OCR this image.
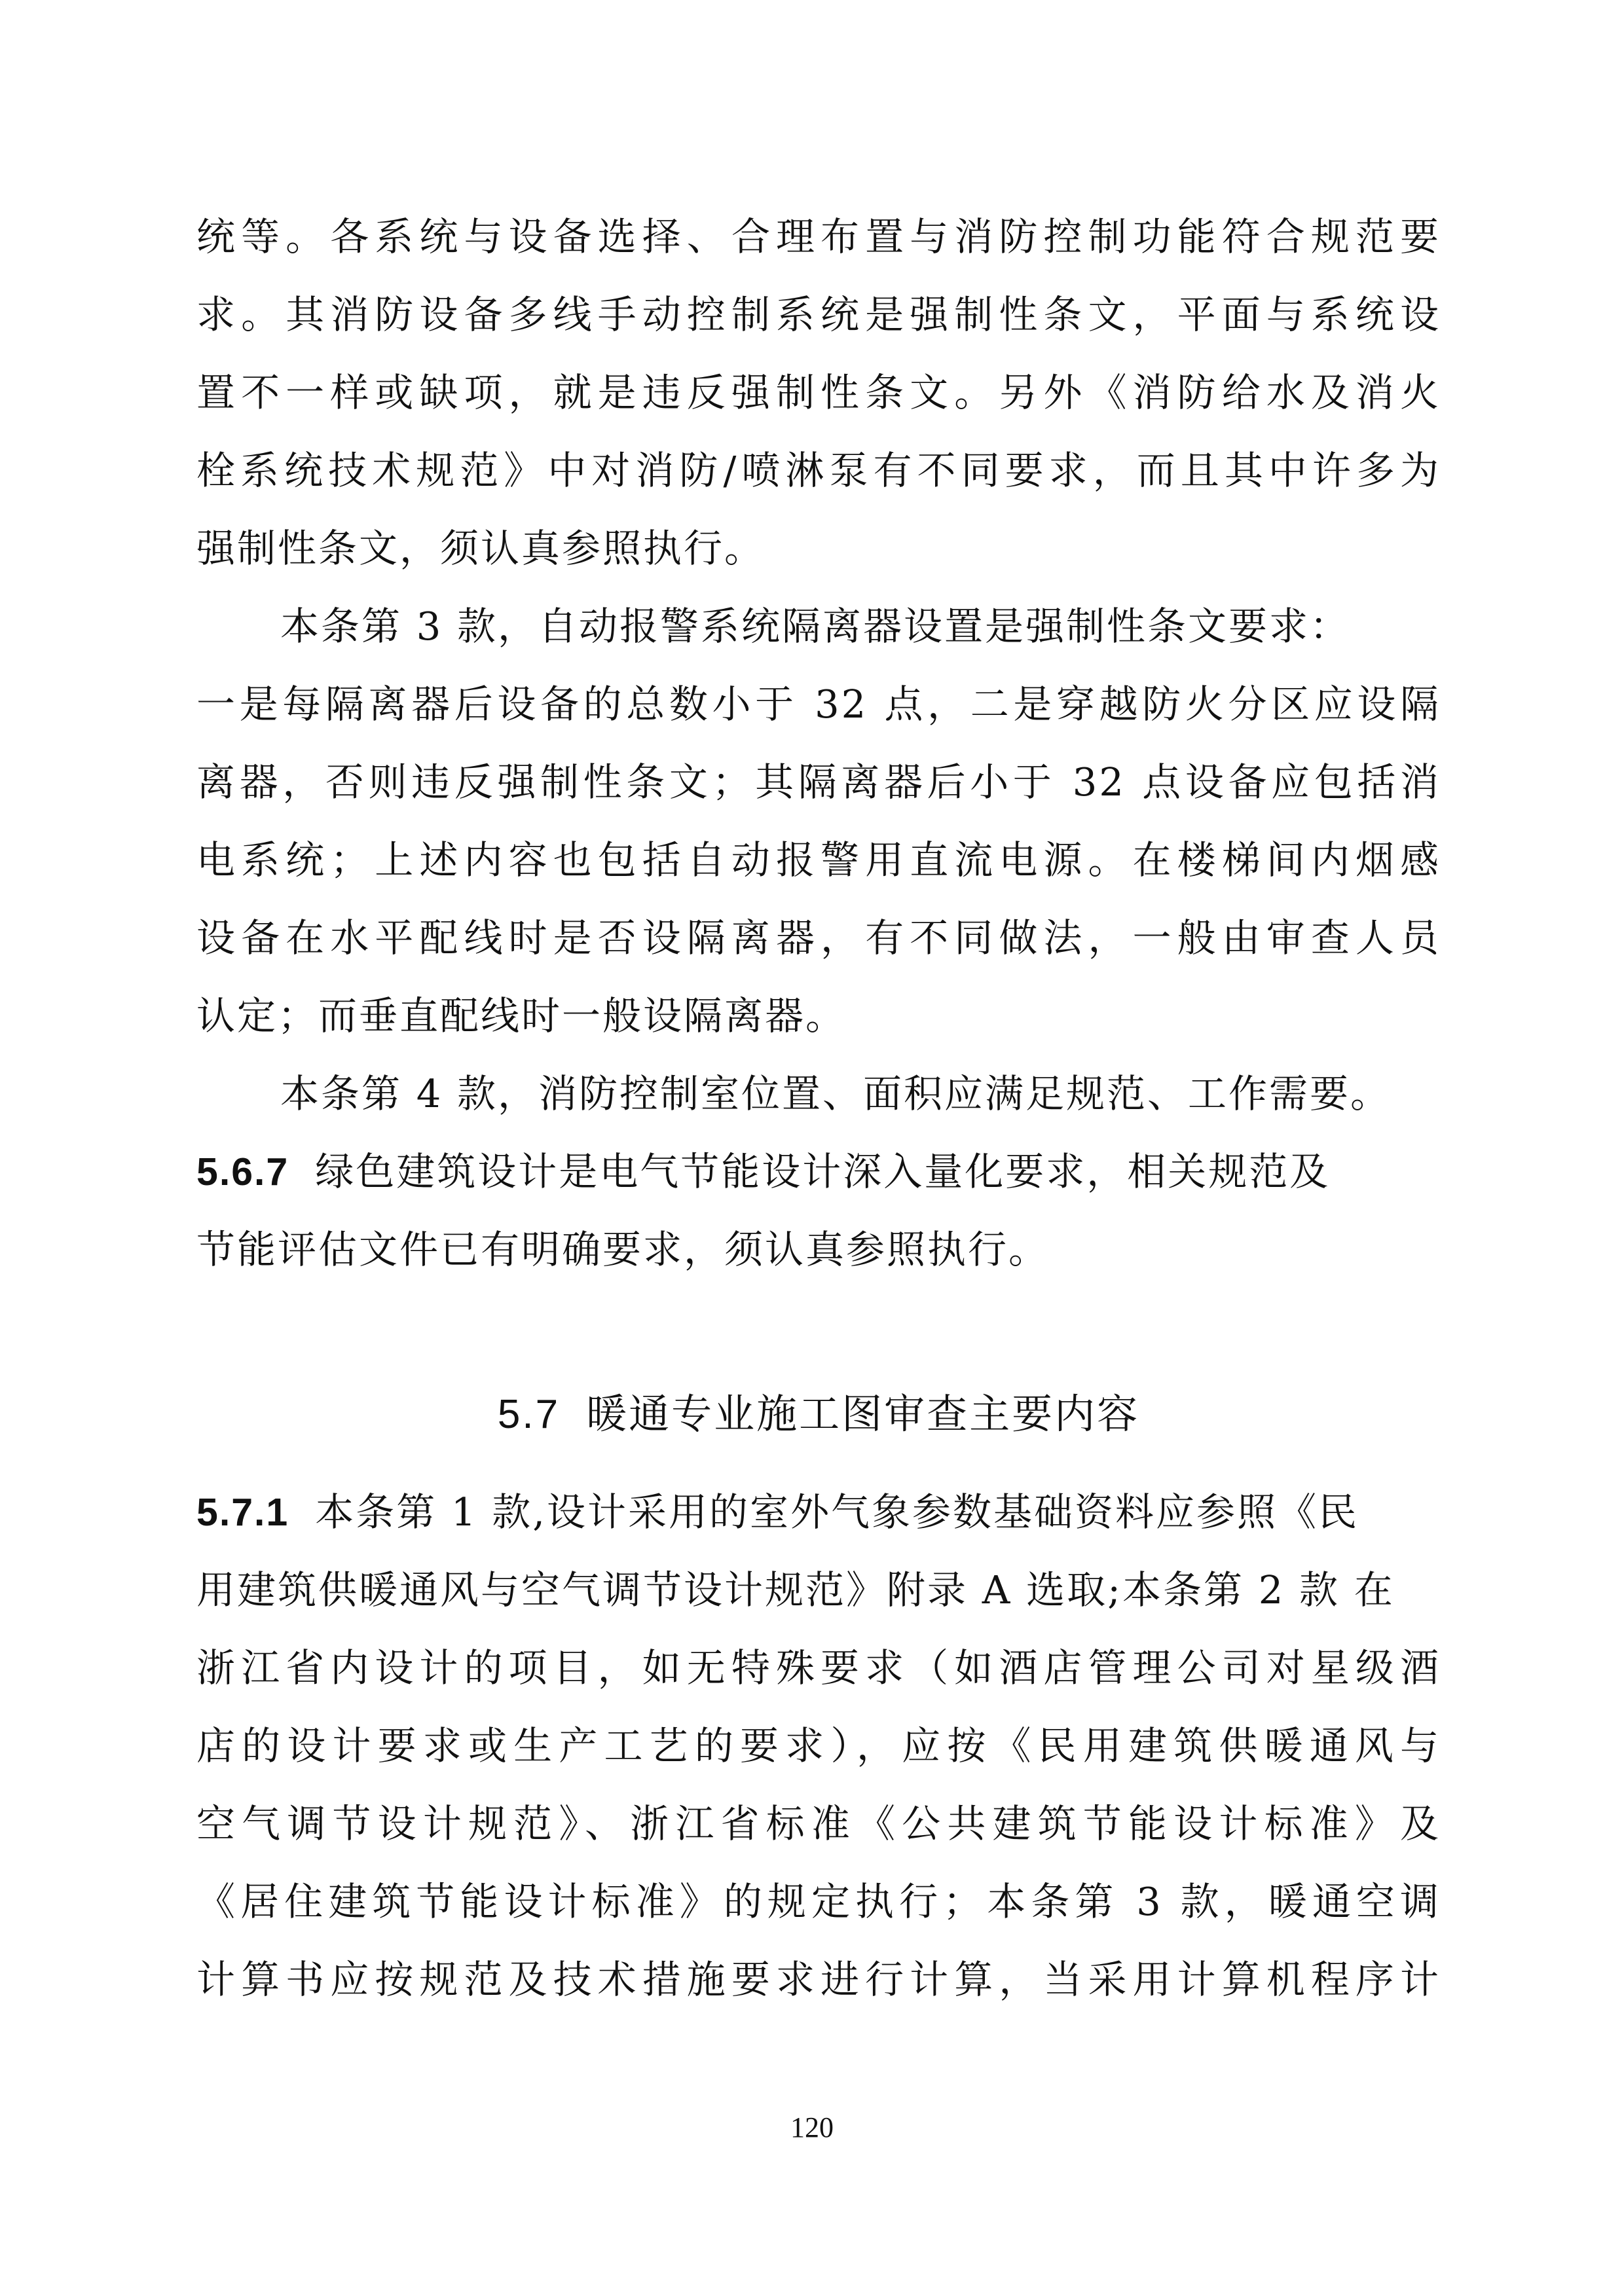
统等。各系统与设备选择、合理布置与消防控制功能符合规范要
求。其消防设备多线手动控制系统是强制性条文，平面与系统设
置不一样或缺项，就是违反强制性条文。另外《消防给水及消火
栓系统技术规范》中对消防/喷淋泵有不同要求，而且其中许多为
强制性条文，须认真参照执行。
本条第 3 款，自动报警系统隔离器设置是强制性条文要求：
一是每隔离器后设备的总数小于 32 点，二是穿越防火分区应设隔
离器，否则违反强制性条文；其隔离器后小于 32 点设备应包括消
电系统；上述内容也包括自动报警用直流电源。在楼梯间内烟感
设备在水平配线时是否设隔离器，有不同做法，一般由审查人员
认定；而垂直配线时一般设隔离器。
本条第 4 款，消防控制室位置、面积应满足规范、工作需要。
5.6.7 绿色建筑设计是电气节能设计深入量化要求，相关规范及
节能评估文件已有明确要求，须认真参照执行。
5.7 暖通专业施工图审查主要内容
5.7.1 本条第 1 款,设计采用的室外气象参数基础资料应参照《民
用建筑供暖通风与空气调节设计规范》附录 A 选取;本条第 2 款 在
浙江省内设计的项目，如无特殊要求（如酒店管理公司对星级酒
店的设计要求或生产工艺的要求），应按《民用建筑供暖通风与
空气调节设计规范》、浙江省标准《公共建筑节能设计标准》及
《居住建筑节能设计标准》的规定执行；本条第 3 款，暖通空调
计算书应按规范及技术措施要求进行计算，当采用计算机程序计
120
